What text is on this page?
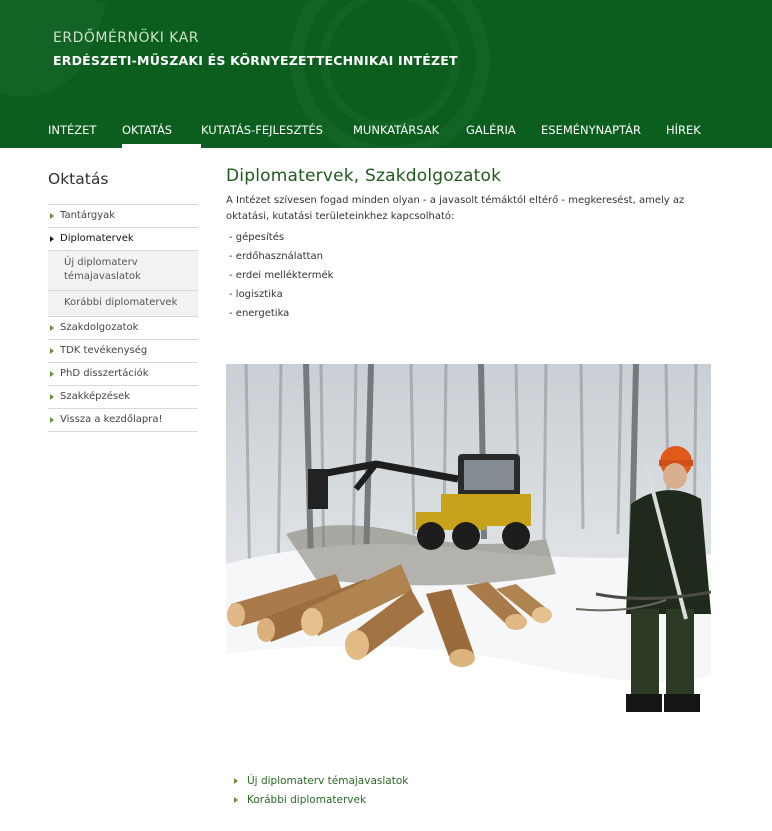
ERDŐMÉRNÖKI KAR
ERDÉSZETI-MŰSZAKI ÉS KÖRNYEZETTECHNIKAI INTÉZET
INTÉZET	OKTATÁS	KUTATÁS-FEJLESZTÉS	MUNKATÁRSAK	GALÉRIA	ESEMÉNYNAPTÁR	HÍREK
Oktatás
Tantárgyak
Diplomatervek
Új diplomaterv témajavaslatok
Korábbi diplomatervek
Szakdolgozatok
TDK tevékenység
PhD disszertációk
Szakképzések
Vissza a kezdőlapra!
Diplomatervek, Szakdolgozatok

A Intézet szívesen fogad minden olyan - a javasolt témáktól eltérő - megkeresést, amely az oktatási, kutatási területeinkhez kapcsolható:

- gépesítés
- erdőhasználattan
- erdei melléktermék
- logisztika
- energetika
Új diplomaterv témajavaslatok
Korábbi diplomatervek
